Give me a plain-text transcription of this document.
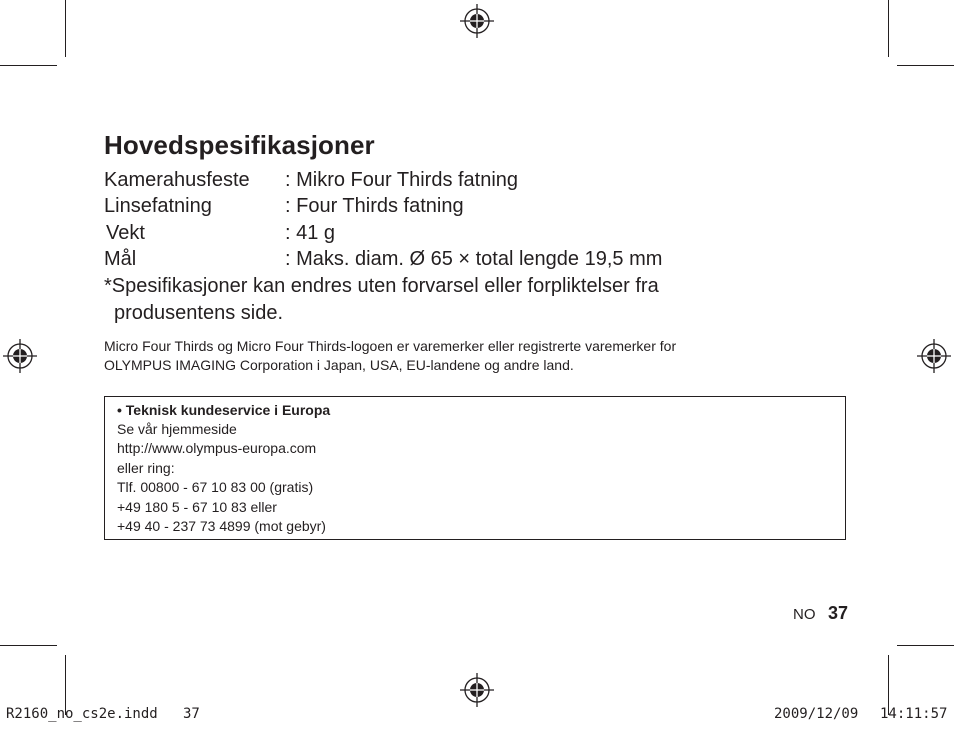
Hovedspesifikasjoner
Kamerahusfeste : Mikro Four Thirds fatning
Linsefatning	: Four Thirds fatning
Vekt	: 41 g
Mål	: Maks. diam. Ø 65 × total lengde 19,5 mm
*Spesifikasjoner kan endres uten forvarsel eller forpliktelser fra
produsentens side.
Micro Four Thirds og Micro Four Thirds-logoen er varemerker eller registrerte varemerker for
OLYMPUS IMAGING Corporation i Japan, USA, EU-landene og andre land.
• Teknisk kundeservice i Europa
Se vår hjemmeside
http://www.olympus-europa.com
eller ring:
Tlf. 00800 - 67 10 83 00 (gratis)
+49 180 5 - 67 10 83 eller
+49 40 - 237 73 4899 (mot gebyr)
NO 37
R2160_no_cs2e.indd   37	2009/12/09 14:11:57
